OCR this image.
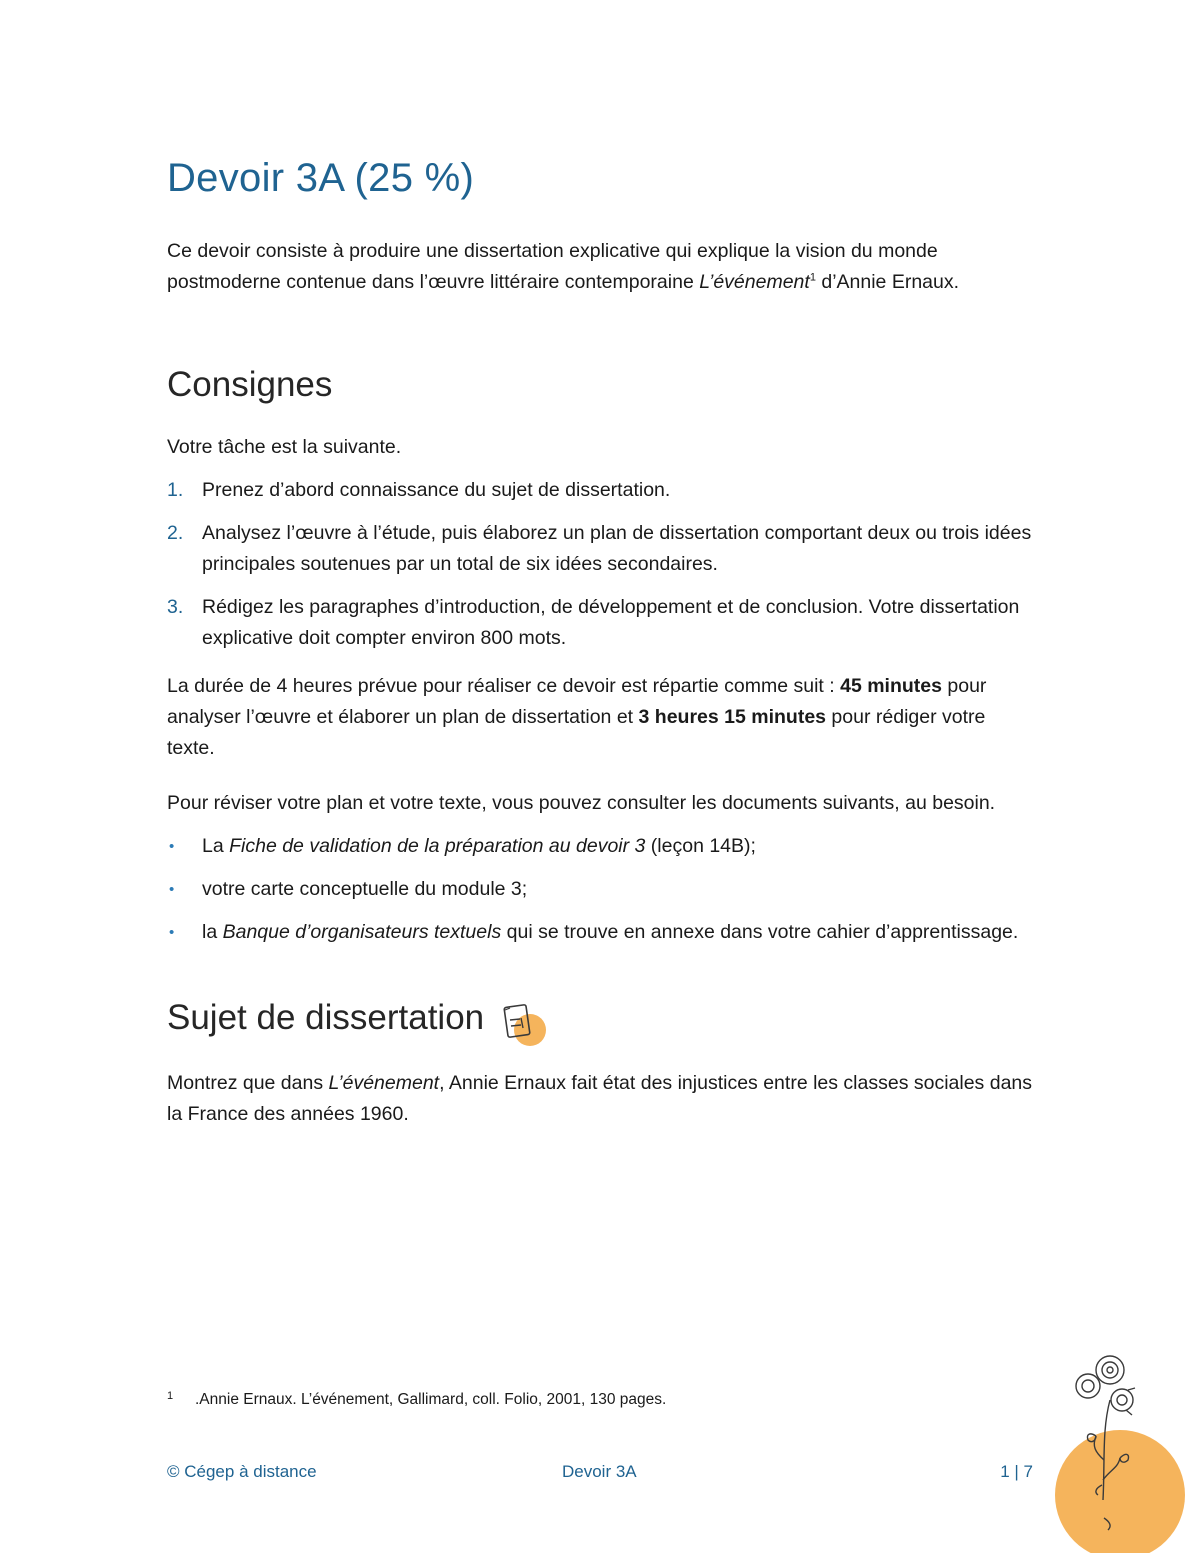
Devoir 3A (25 %)

Ce devoir consiste à produire une dissertation explicative qui explique la vision du monde postmoderne contenue dans l’œuvre littéraire contemporaine L’événement$^1$ d’Annie Ernaux.

Consignes

Votre tâche est la suivante.

1. Prenez d’abord connaissance du sujet de dissertation.
2. Analysez l’œuvre à l’étude, puis élaborez un plan de dissertation comportant deux ou trois idées principales soutenues par un total de six idées secondaires.
3. Rédigez les paragraphes d’introduction, de développement et de conclusion. Votre dissertation explicative doit compter environ 800 mots.

La durée de 4 heures prévue pour réaliser ce devoir est répartie comme suit : 45 minutes pour analyser l’œuvre et élaborer un plan de dissertation et 3 heures 15 minutes pour rédiger votre texte.

Pour réviser votre plan et votre texte, vous pouvez consulter les documents suivants, au besoin.

• La Fiche de validation de la préparation au devoir 3 (leçon 14B);
• votre carte conceptuelle du module 3;
• la Banque d’organisateurs textuels qui se trouve en annexe dans votre cahier d’apprentissage.
Sujet de dissertation

Montrez que dans L’événement, Annie Ernaux fait état des injustices entre les classes sociales dans la France des années 1960.

1 .Annie Ernaux. L’événement, Gallimard, coll. Folio, 2001, 130 pages.
© Cégep à distance	Devoir 3A	1 | 7
